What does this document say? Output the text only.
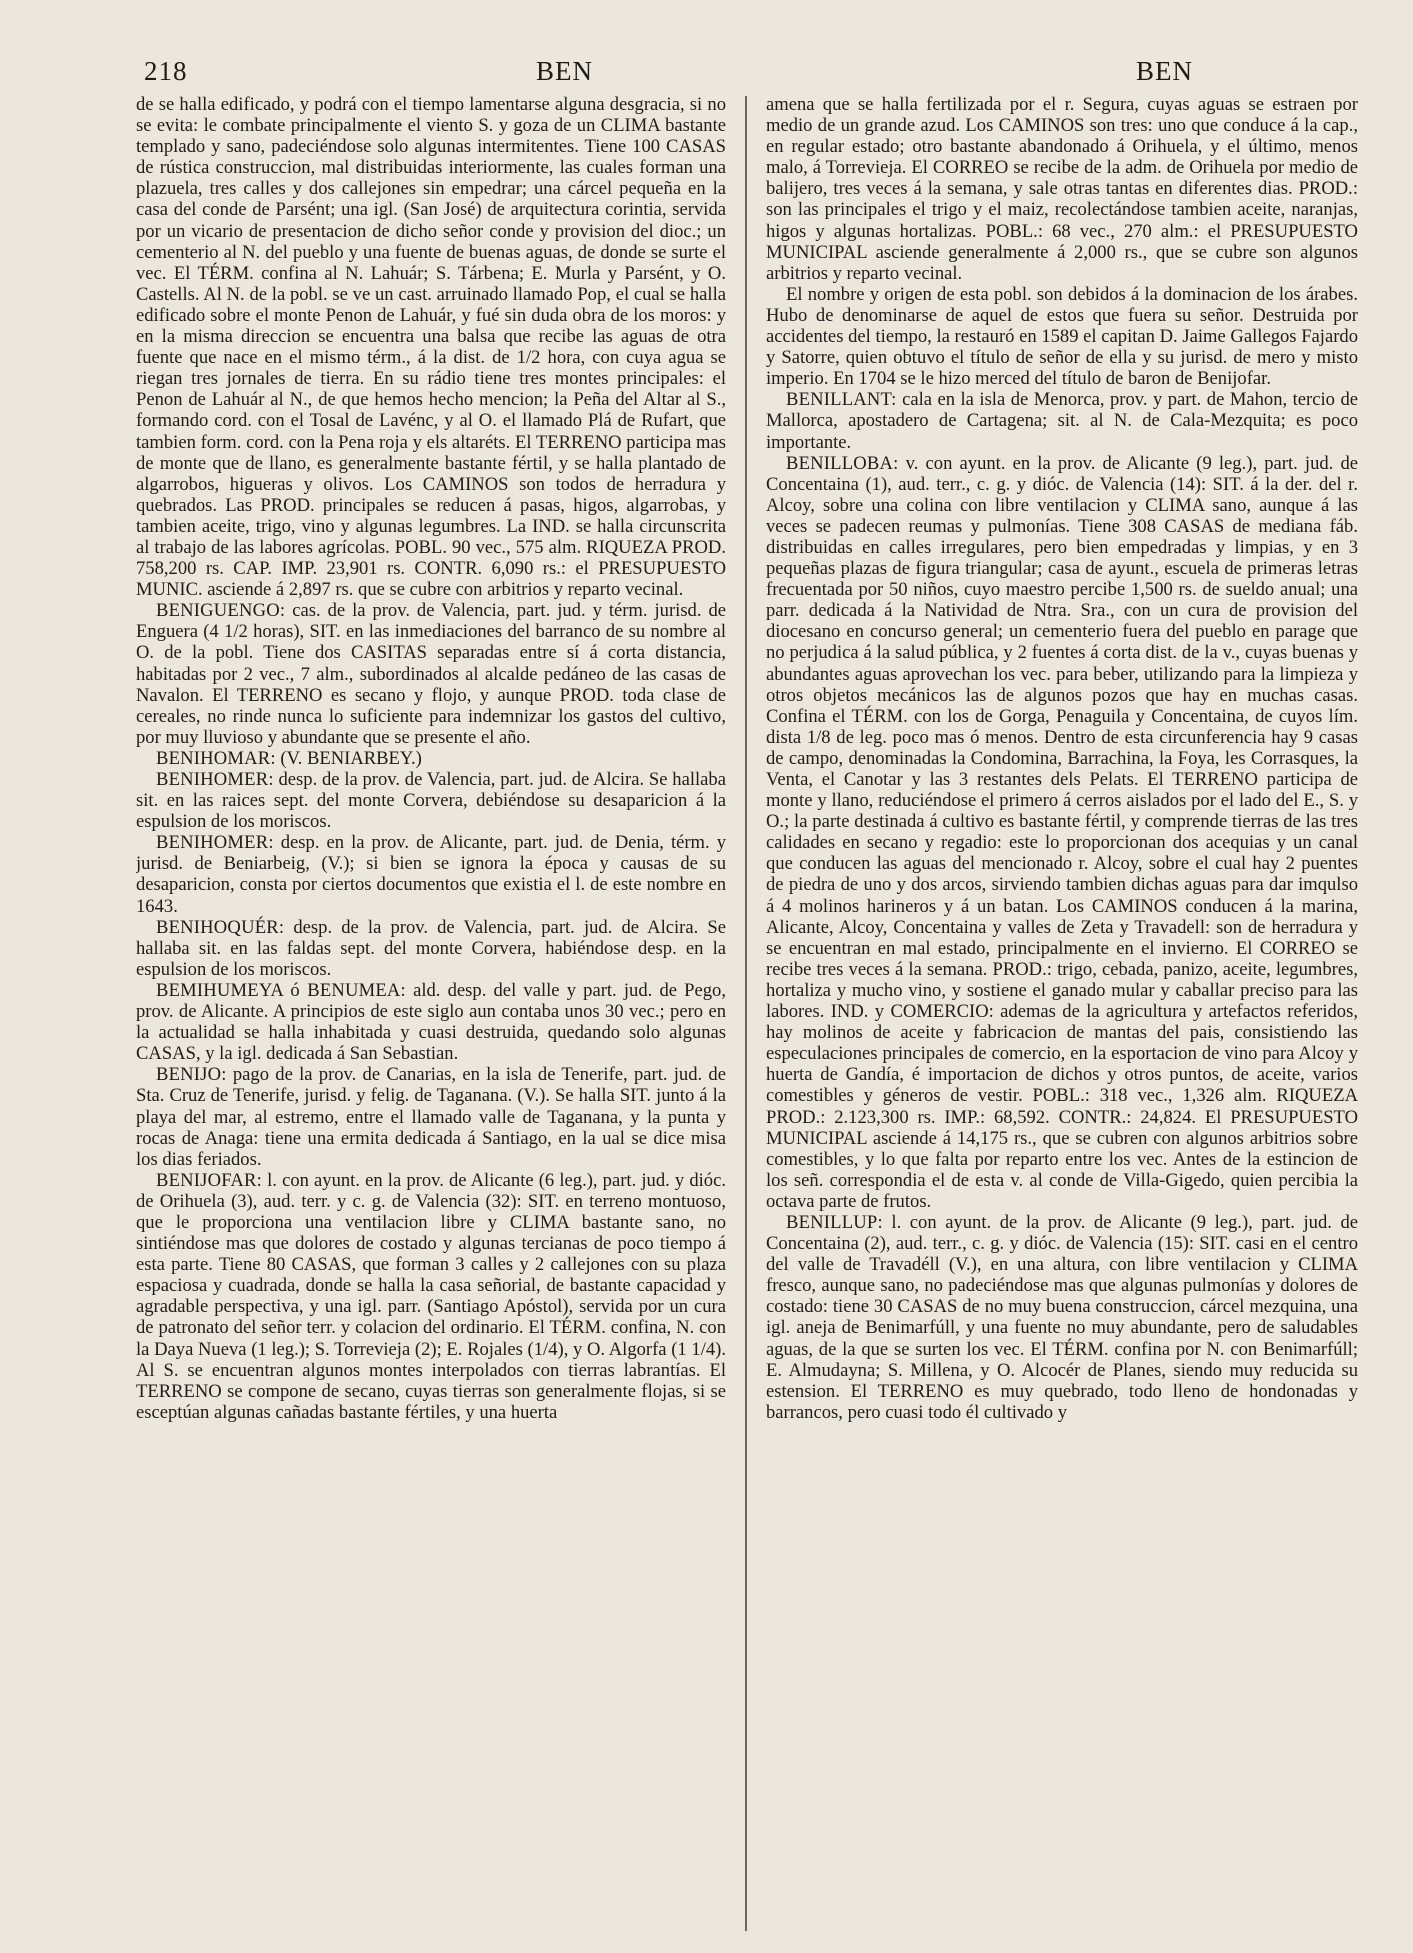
218	BEN	BEN

de se halla edificado, y podrá con el tiempo lamentarse alguna desgracia, si no se evita: le combate principalmente el viento S. y goza de un CLIMA bastante templado y sano, padeciéndose solo algunas intermitentes. Tiene 100 CASAS de rústica construccion, mal distribuidas interiormente, las cuales forman una plazuela, tres calles y dos callejones sin empedrar; una cárcel pequeña en la casa del conde de Parsént; una igl. (San José) de arquitectura corintia, servida por un vicario de presentacion de dicho señor conde y provision del dioc.; un cementerio al N. del pueblo y una fuente de buenas aguas, de donde se surte el vec. El TÉRM. confina al N. Lahuár; S. Tárbena; E. Murla y Parsént, y O. Castells. Al N. de la pobl. se ve un cast. arruinado llamado Pop, el cual se halla edificado sobre el monte Penon de Lahuár, y fué sin duda obra de los moros: y en la misma direccion se encuentra una balsa que recibe las aguas de otra fuente que nace en el mismo térm., á la dist. de 1/2 hora, con cuya agua se riegan tres jornales de tierra. En su rádio tiene tres montes principales: el Penon de Lahuár al N., de que hemos hecho mencion; la Peña del Altar al S., formando cord. con el Tosal de Lavénc, y al O. el llamado Plá de Rufart, que tambien form. cord. con la Pena roja y els altaréts. El TERRENO participa mas de monte que de llano, es generalmente bastante fértil, y se halla plantado de algarrobos, higueras y olivos. Los CAMINOS son todos de herradura y quebrados. Las PROD. principales se reducen á pasas, higos, algarrobas, y tambien aceite, trigo, vino y algunas legumbres. La IND. se halla circunscrita al trabajo de las labores agrícolas. POBL. 90 vec., 575 alm. RIQUEZA PROD. 758,200 rs. CAP. IMP. 23,901 rs. CONTR. 6,090 rs.: el PRESUPUESTO MUNIC. asciende á 2,897 rs. que se cubre con arbitrios y reparto vecinal.

BENIGUENGO: cas. de la prov. de Valencia, part. jud. y térm. jurisd. de Enguera (4 1/2 horas), SIT. en las inmediaciones del barranco de su nombre al O. de la pobl. Tiene dos CASITAS separadas entre sí á corta distancia, habitadas por 2 vec., 7 alm., subordinados al alcalde pedáneo de las casas de Navalon. El TERRENO es secano y flojo, y aunque PROD. toda clase de cereales, no rinde nunca lo suficiente para indemnizar los gastos del cultivo, por muy lluvioso y abundante que se presente el año.

BENIHOMAR: (V. BENIARBEY.)

BENIHOMER: desp. de la prov. de Valencia, part. jud. de Alcira. Se hallaba sit. en las raices sept. del monte Corvera, debiéndose su desaparicion á la espulsion de los moriscos.

BENIHOMER: desp. en la prov. de Alicante, part. jud. de Denia, térm. y jurisd. de Beniarbeig, (V.); si bien se ignora la época y causas de su desaparicion, consta por ciertos documentos que existia el l. de este nombre en 1643.

BENIHOQUÉR: desp. de la prov. de Valencia, part. jud. de Alcira. Se hallaba sit. en las faldas sept. del monte Corvera, habiéndose desp. en la espulsion de los moriscos.

BEMIHUMEYA ó BENUMEA: ald. desp. del valle y part. jud. de Pego, prov. de Alicante. A principios de este siglo aun contaba unos 30 vec.; pero en la actualidad se halla inhabitada y cuasi destruida, quedando solo algunas CASAS, y la igl. dedicada á San Sebastian.

BENIJO: pago de la prov. de Canarias, en la isla de Tenerife, part. jud. de Sta. Cruz de Tenerife, jurisd. y felig. de Taganana. (V.). Se halla SIT. junto á la playa del mar, al estremo, entre el llamado valle de Taganana, y la punta y rocas de Anaga: tiene una ermita dedicada á Santiago, en la ual se dice misa los dias feriados.

BENIJOFAR: l. con ayunt. en la prov. de Alicante (6 leg.), part. jud. y dióc. de Orihuela (3), aud. terr. y c. g. de Valencia (32): SIT. en terreno montuoso, que le proporciona una ventilacion libre y CLIMA bastante sano, no sintiéndose mas que dolores de costado y algunas tercianas de poco tiempo á esta parte. Tiene 80 CASAS, que forman 3 calles y 2 callejones con su plaza espaciosa y cuadrada, donde se halla la casa señorial, de bastante capacidad y agradable perspectiva, y una igl. parr. (Santiago Apóstol), servida por un cura de patronato del señor terr. y colacion del ordinario. El TÉRM. confina, N. con la Daya Nueva (1 leg.); S. Torrevieja (2); E. Rojales (1/4), y O. Algorfa (1 1/4). Al S. se encuentran algunos montes interpolados con tierras labrantías. El TERRENO se compone de secano, cuyas tierras son generalmente flojas, si se esceptúan algunas cañadas bastante fértiles, y una huerta

amena que se halla fertilizada por el r. Segura, cuyas aguas se estraen por medio de un grande azud. Los CAMINOS son tres: uno que conduce á la cap., en regular estado; otro bastante abandonado á Orihuela, y el último, menos malo, á Torrevieja. El CORREO se recibe de la adm. de Orihuela por medio de balijero, tres veces á la semana, y sale otras tantas en diferentes dias. PROD.: son las principales el trigo y el maiz, recolectándose tambien aceite, naranjas, higos y algunas hortalizas. POBL.: 68 vec., 270 alm.: el PRESUPUESTO MUNICIPAL asciende generalmente á 2,000 rs., que se cubre son algunos arbitrios y reparto vecinal.

El nombre y origen de esta pobl. son debidos á la dominacion de los árabes. Hubo de denominarse de aquel de estos que fuera su señor. Destruida por accidentes del tiempo, la restauró en 1589 el capitan D. Jaime Gallegos Fajardo y Satorre, quien obtuvo el título de señor de ella y su jurisd. de mero y misto imperio. En 1704 se le hizo merced del título de baron de Benijofar.

BENILLANT: cala en la isla de Menorca, prov. y part. de Mahon, tercio de Mallorca, apostadero de Cartagena; sit. al N. de Cala-Mezquita; es poco importante.

BENILLOBA: v. con ayunt. en la prov. de Alicante (9 leg.), part. jud. de Concentaina (1), aud. terr., c. g. y dióc. de Valencia (14): SIT. á la der. del r. Alcoy, sobre una colina con libre ventilacion y CLIMA sano, aunque á las veces se padecen reumas y pulmonías. Tiene 308 CASAS de mediana fáb. distribuidas en calles irregulares, pero bien empedradas y limpias, y en 3 pequeñas plazas de figura triangular; casa de ayunt., escuela de primeras letras frecuentada por 50 niños, cuyo maestro percibe 1,500 rs. de sueldo anual; una parr. dedicada á la Natividad de Ntra. Sra., con un cura de provision del diocesano en concurso general; un cementerio fuera del pueblo en parage que no perjudica á la salud pública, y 2 fuentes á corta dist. de la v., cuyas buenas y abundantes aguas aprovechan los vec. para beber, utilizando para la limpieza y otros objetos mecánicos las de algunos pozos que hay en muchas casas. Confina el TÉRM. con los de Gorga, Penaguila y Concentaina, de cuyos lím. dista 1/8 de leg. poco mas ó menos. Dentro de esta circunferencia hay 9 casas de campo, denominadas la Condomina, Barrachina, la Foya, les Corrasques, la Venta, el Canotar y las 3 restantes dels Pelats. El TERRENO participa de monte y llano, reduciéndose el primero á cerros aislados por el lado del E., S. y O.; la parte destinada á cultivo es bastante fértil, y comprende tierras de las tres calidades en secano y regadio: este lo proporcionan dos acequias y un canal que conducen las aguas del mencionado r. Alcoy, sobre el cual hay 2 puentes de piedra de uno y dos arcos, sirviendo tambien dichas aguas para dar imqulso á 4 molinos harineros y á un batan. Los CAMINOS conducen á la marina, Alicante, Alcoy, Concentaina y valles de Zeta y Travadell: son de herradura y se encuentran en mal estado, principalmente en el invierno. El CORREO se recibe tres veces á la semana. PROD.: trigo, cebada, panizo, aceite, legumbres, hortaliza y mucho vino, y sostiene el ganado mular y caballar preciso para las labores. IND. y COMERCIO: ademas de la agricultura y artefactos referidos, hay molinos de aceite y fabricacion de mantas del pais, consistiendo las especulaciones principales de comercio, en la esportacion de vino para Alcoy y huerta de Gandía, é importacion de dichos y otros puntos, de aceite, varios comestibles y géneros de vestir. POBL.: 318 vec., 1,326 alm. RIQUEZA PROD.: 2.123,300 rs. IMP.: 68,592. CONTR.: 24,824. El PRESUPUESTO MUNICIPAL asciende á 14,175 rs., que se cubren con algunos arbitrios sobre comestibles, y lo que falta por reparto entre los vec. Antes de la estincion de los señ. correspondia el de esta v. al conde de Villa-Gigedo, quien percibia la octava parte de frutos.

BENILLUP: l. con ayunt. de la prov. de Alicante (9 leg.), part. jud. de Concentaina (2), aud. terr., c. g. y dióc. de Valencia (15): SIT. casi en el centro del valle de Travadéll (V.), en una altura, con libre ventilacion y CLIMA fresco, aunque sano, no padeciéndose mas que algunas pulmonías y dolores de costado: tiene 30 CASAS de no muy buena construccion, cárcel mezquina, una igl. aneja de Benimarfúll, y una fuente no muy abundante, pero de saludables aguas, de la que se surten los vec. El TÉRM. confina por N. con Benimarfúll; E. Almudayna; S. Millena, y O. Alcocér de Planes, siendo muy reducida su estension. El TERRENO es muy quebrado, todo lleno de hondonadas y barrancos, pero cuasi todo él cultivado y
